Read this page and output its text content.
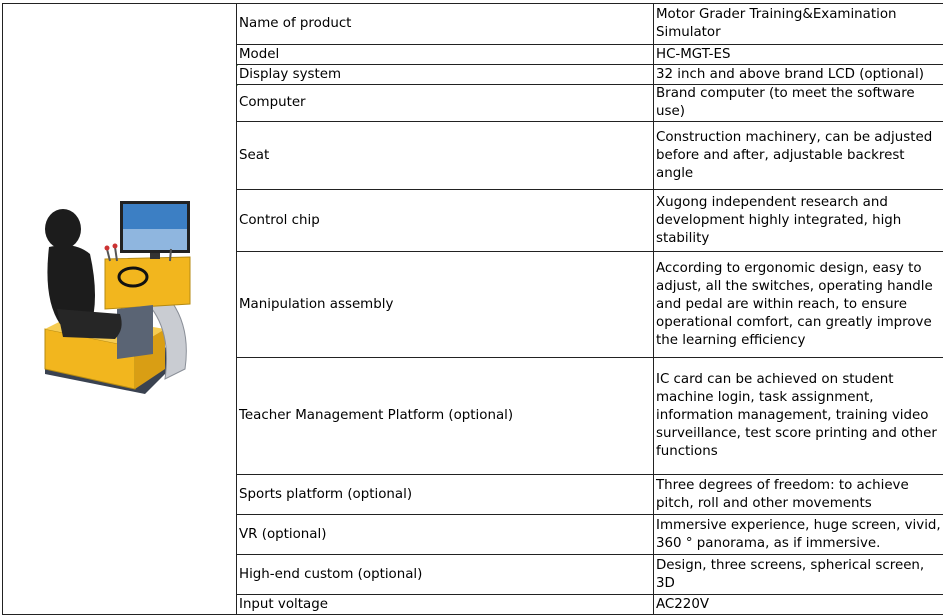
	Name of product	Motor Grader Training&Examination Simulator
	Model	HC-MGT-ES
	Display system	32 inch and above brand LCD (optional)
	Computer	Brand computer (to meet the software use)
	Seat	Construction machinery, can be adjusted before and after, adjustable backrest angle
	Control chip	Xugong independent research and development highly integrated, high stability
	Manipulation assembly	According to ergonomic design, easy to adjust, all the switches, operating handle and pedal are within reach, to ensure operational comfort, can greatly improve the learning efficiency
	Teacher Management Platform (optional)	IC card can be achieved on student machine login, task assignment, information management, training video surveillance, test score printing and other functions
	Sports platform (optional)	Three degrees of freedom: to achieve pitch, roll and other movements
	VR (optional)	Immersive experience, huge screen, vivid, 360 ° panorama, as if immersive.
	High-end custom (optional)	Design, three screens, spherical screen, 3D
	Input voltage	AC220V
